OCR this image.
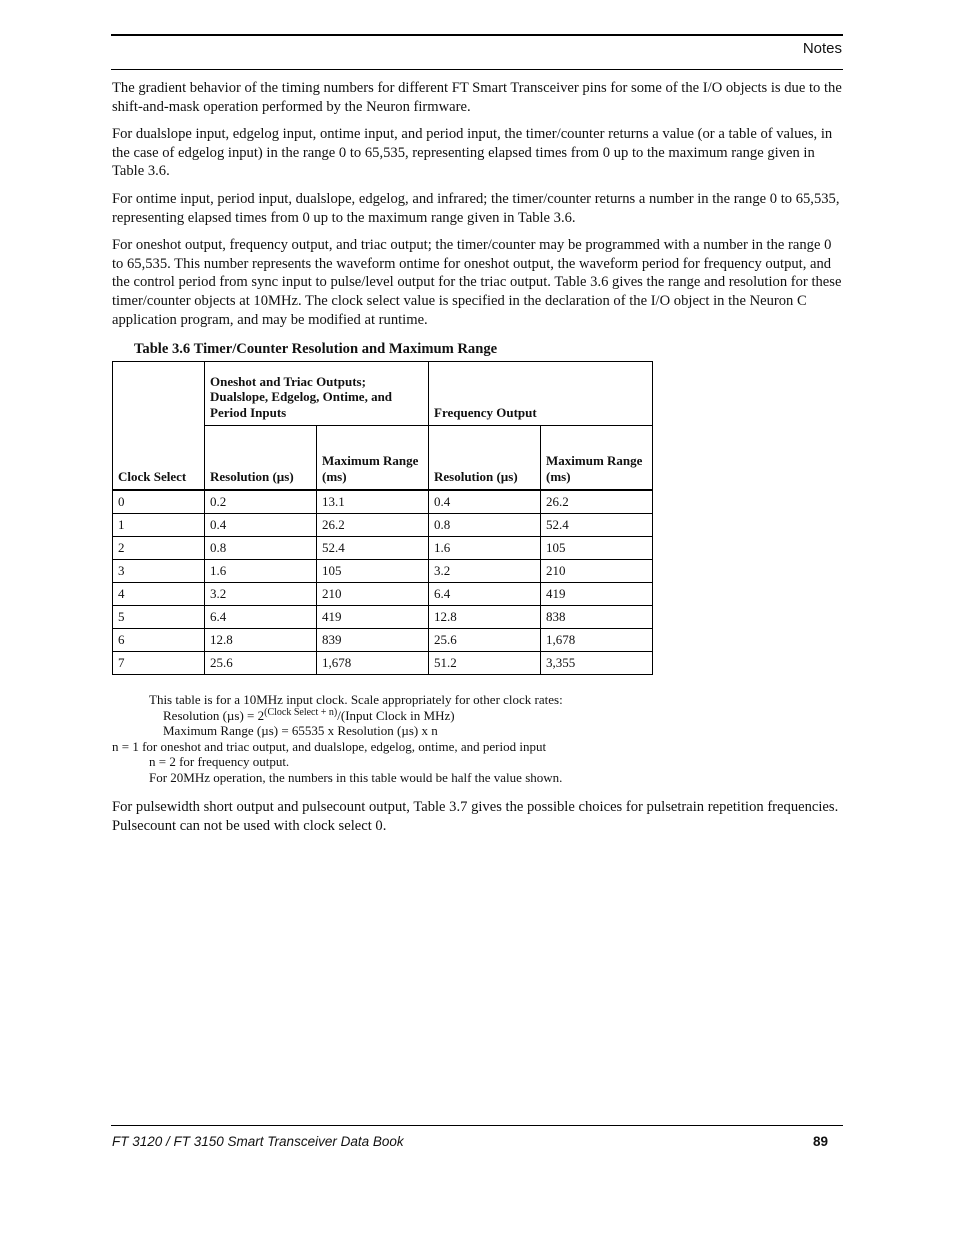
Notes

The gradient behavior of the timing numbers for different FT Smart Transceiver pins for some of the I/O objects is due to the shift-and-mask operation performed by the Neuron firmware.

For dualslope input, edgelog input, ontime input, and period input, the timer/counter returns a value (or a table of values, in the case of edgelog input) in the range 0 to 65,535, representing elapsed times from 0 up to the maximum range given in Table 3.6.

For ontime input, period input, dualslope, edgelog, and infrared; the timer/counter returns a number in the range 0 to 65,535, representing elapsed times from 0 up to the maximum range given in Table 3.6.

For oneshot output, frequency output, and triac output; the timer/counter may be programmed with a number in the range 0 to 65,535. This number represents the waveform ontime for oneshot output, the waveform period for frequency output, and the control period from sync input to pulse/level output for the triac output. Table 3.6 gives the range and resolution for these timer/counter objects at 10MHz. The clock select value is specified in the declaration of the I/O object in the Neuron C application program, and may be modified at runtime.

Table 3.6 Timer/Counter Resolution and Maximum Range
Clock Select	Oneshot and Triac Outputs; Dualslope, Edgelog, Ontime, and Period Inputs		Frequency Output	
	Resolution (µs)	Maximum Range (ms)	Resolution (µs)	Maximum Range (ms)
0	0.2	13.1	0.4	26.2
1	0.4	26.2	0.8	52.4
2	0.8	52.4	1.6	105
3	1.6	105	3.2	210
4	3.2	210	6.4	419
5	6.4	419	12.8	838
6	12.8	839	25.6	1,678
7	25.6	1,678	51.2	3,355
This table is for a 10MHz input clock. Scale appropriately for other clock rates:
Resolution $(\mu s) = 2^{(Clock Select + n)}/(Input$ Clock in MHz)
Maximum Range (µs) = 65535 x Resolution (µs) x n
n = 1 for oneshot and triac output, and dualslope, edgelog, ontime, and period input
n = 2 for frequency output.
For 20MHz operation, the numbers in this table would be half the value shown.

For pulsewidth short output and pulsecount output, Table 3.7 gives the possible choices for pulsetrain repetition frequencies. Pulsecount can not be used with clock select 0.

FT 3120 / FT 3150 Smart Transceiver Data Book	89
